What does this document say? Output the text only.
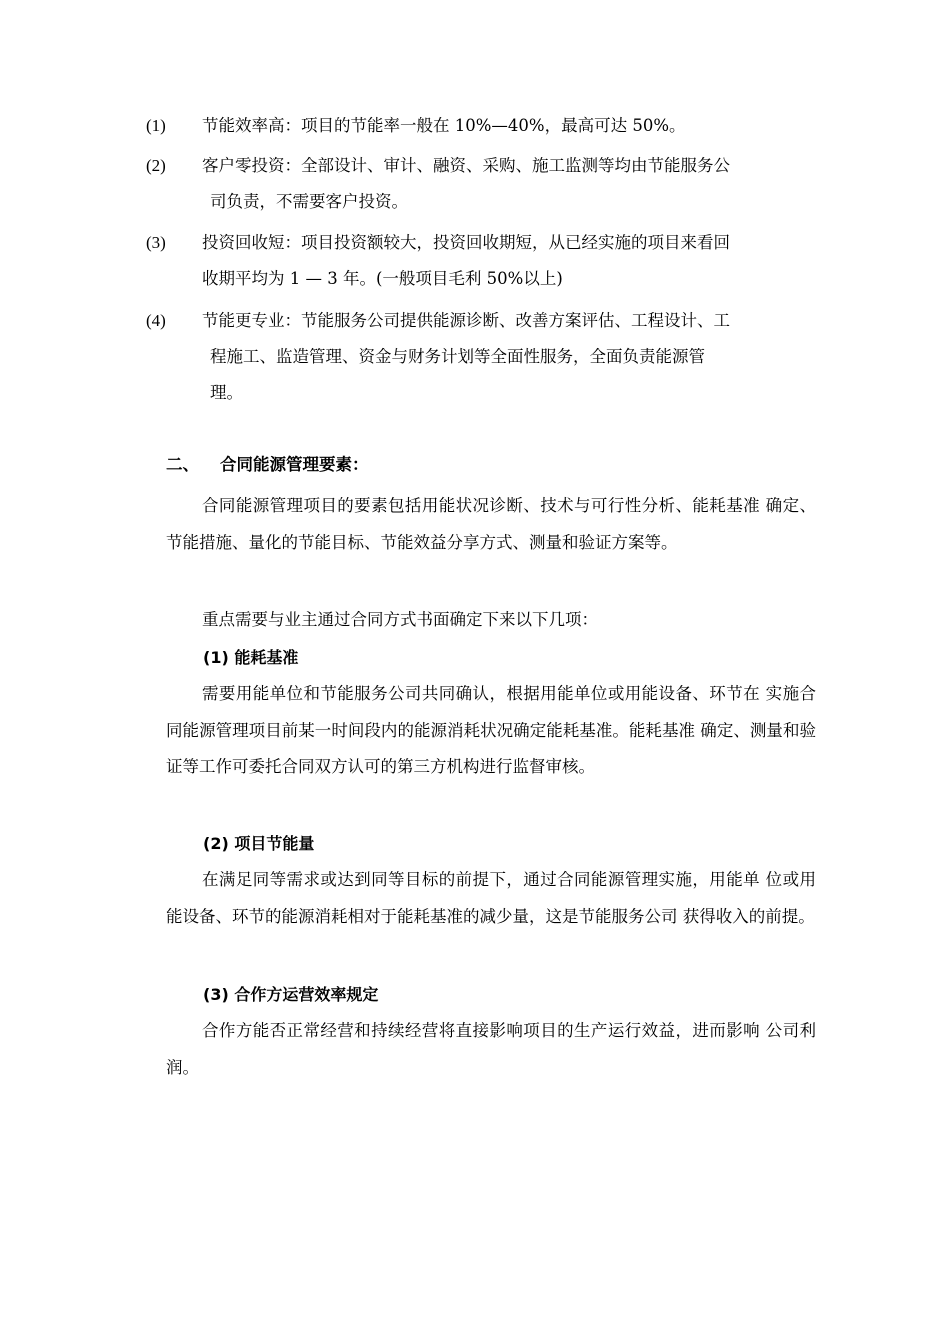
(1) 节能效率高：项目的节能率一般在 10%—40%，最高可达 50%。
(2) 客户零投资：全部设计、审计、融资、采购、施工监测等均由节能服务公
司负责，不需要客户投资。
(3) 投资回收短：项目投资额较大，投资回收期短，从已经实施的项目来看回
收期平均为 1 — 3 年。(一般项目毛利 50%以上)
(4) 节能更专业：节能服务公司提供能源诊断、改善方案评估、工程设计、工
程施工、监造管理、资金与财务计划等全面性服务，全面负责能源管
理。
二、 合同能源管理要素：
合同能源管理项目的要素包括用能状况诊断、技术与可行性分析、能耗基准 确定、节能措施、量化的节能目标、节能效益分享方式、测量和验证方案等。
重点需要与业主通过合同方式书面确定下来以下几项：
(1) 能耗基准
需要用能单位和节能服务公司共同确认，根据用能单位或用能设备、环节在 实施合同能源管理项目前某一时间段内的能源消耗状况确定能耗基准。能耗基准 确定、测量和验证等工作可委托合同双方认可的第三方机构进行监督审核。
(2) 项目节能量
在满足同等需求或达到同等目标的前提下，通过合同能源管理实施，用能单 位或用能设备、环节的能源消耗相对于能耗基准的减少量，这是节能服务公司 获得收入的前提。
(3) 合作方运营效率规定
合作方能否正常经营和持续经营将直接影响项目的生产运行效益，进而影响 公司利润。
